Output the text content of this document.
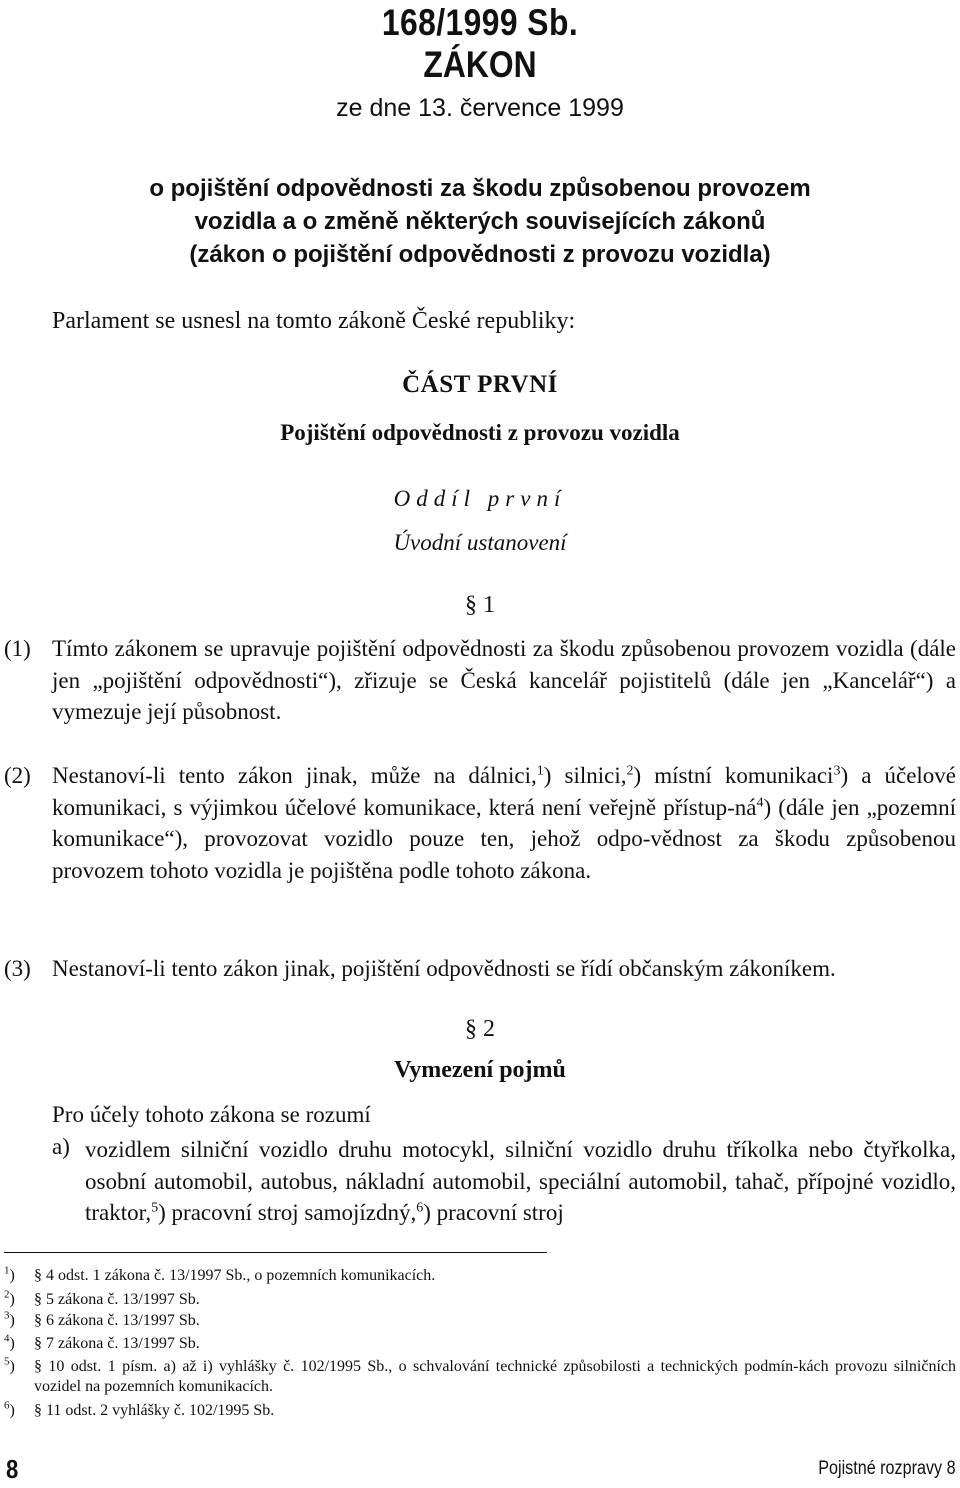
168/1999 Sb.
ZÁKON
ze dne 13. července 1999
o pojištění odpovědnosti za škodu způsobenou provozem
vozidla a o změně některých souvisejících zákonů
(zákon o pojištění odpovědnosti z provozu vozidla)
Parlament se usnesl na tomto zákoně České republiky:
ČÁST PRVNÍ
Pojištění odpovědnosti z provozu vozidla
Oddíl první
Úvodní ustanovení
§ 1
(1) Tímto zákonem se upravuje pojištění odpovědnosti za škodu způsobenou provozem vozidla (dále jen „pojištění odpovědnosti“), zřizuje se Česká kancelář pojistitelů (dále jen „Kancelář“) a vymezuje její působnost.
(2) Nestanoví-li tento zákon jinak, může na dálnici,$^1$) silnici,$^2$) místní komunikaci$^3$) a účelové komunikaci, s výjimkou účelové komunikace, která není veřejně přístup-$ná^4$) (dále jen „pozemní komunikace“), provozovat vozidlo pouze ten, jehož odpo-vědnost za škodu způsobenou provozem tohoto vozidla je pojištěna podle tohoto zákona.
(3) Nestanoví-li tento zákon jinak, pojištění odpovědnosti se řídí občanským zákoníkem.
§ 2
Vymezení pojmů
Pro účely tohoto zákona se rozumí
a) vozidlem silniční vozidlo druhu motocykl, silniční vozidlo druhu tříkolka nebo čtyřkolka, osobní automobil, autobus, nákladní automobil, speciální automobil, tahač, přípojné vozidlo, traktor,$^5$) pracovní stroj samojízdný,$^6$) pracovní stroj
$^1$) § 4 odst. 1 zákona č. 13/1997 Sb., o pozemních komunikacích.
$^2$) § 5 zákona č. 13/1997 Sb.
$^3$) § 6 zákona č. 13/1997 Sb.
$^4$) § 7 zákona č. 13/1997 Sb.
$^5$) § 10 odst. 1 písm. a) až i) vyhlášky č. 102/1995 Sb., o schvalování technické způsobilosti a technických podmín-kách provozu silničních vozidel na pozemních komunikacích.
$^6$) § 11 odst. 2 vyhlášky č. 102/1995 Sb.
8	Pojistné rozpravy 8
